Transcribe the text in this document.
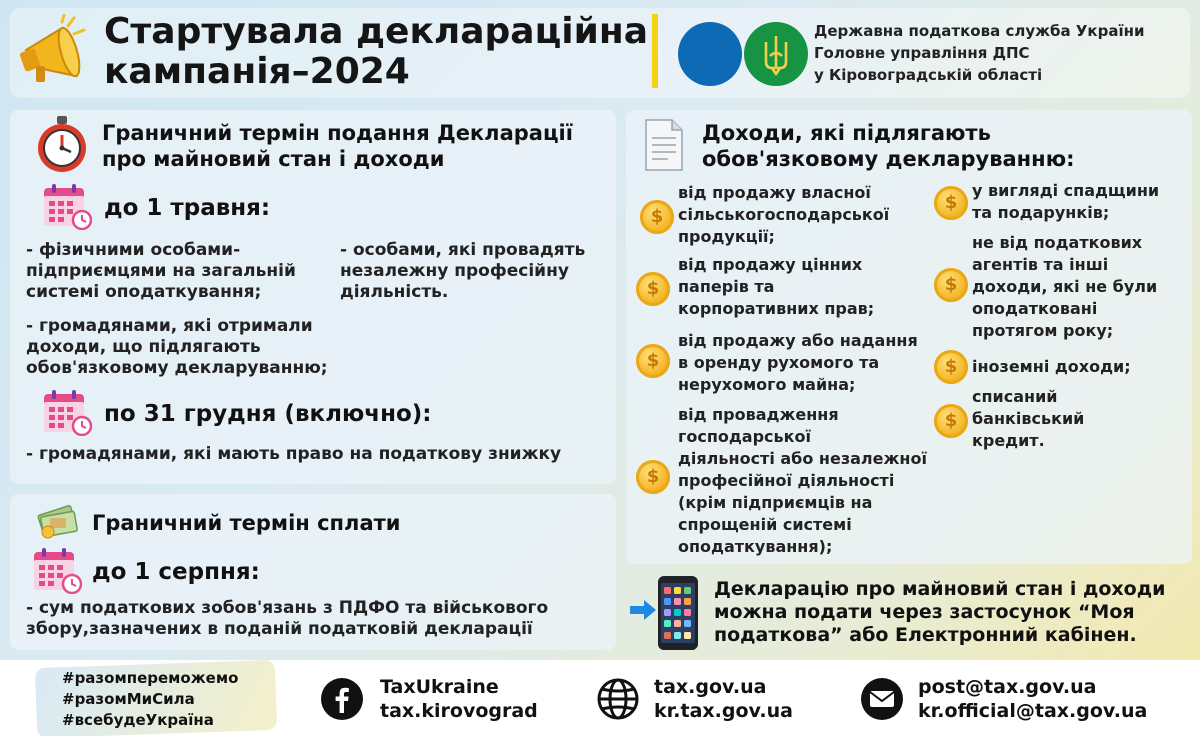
Стартувала деклараційна
кампанія–2024
Державна податкова служба України
Головне управління ДПС
у Кіровоградській області
Граничний термін подання Декларації
про майновий стан і доходи
до 1 травня:
- фізичними особами-
підприємцями на загальній
системі оподаткування;
- особами, які провадять
незалежну професійну
діяльність.
- громадянами, які отримали
доходи, що підлягають
обов'язковому декларуванню;
по 31 грудня (включно):
- громадянами, які мають право на податкову знижку
Граничний термін сплати
до 1 серпня:
- сум податкових зобов'язань з ПДФО та військового
збору,зазначених в поданій податковій декларації
Доходи, які підлягають
обов'язковому декларуванню:
$
від продажу власної
сільськогосподарської
продукції;
$
від продажу цінних
паперів та
корпоративних прав;
$
від продажу або надання
в оренду рухомого та
нерухомого майна;
$
від провадження
господарської
діяльності або незалежної
професійної діяльності
(крім підприємців на
спрощеній системі
оподаткування);
$
у вигляді спадщини
та подарунків;
$
не від податкових
агентів та інші
доходи, які не були
оподатковані
протягом року;
$ іноземні доходи;
$
списаний
банківський
кредит.
Декларацію про майновий стан і доходи
можна подати через застосунок “Моя
податкова” або Електронний кабінен.
#разомпереможемо
#разомМиСила
#всебудеУкраїна
TaxUkraine
tax.kirovograd
tax.gov.ua
kr.tax.gov.ua
post@tax.gov.ua
kr.official@tax.gov.ua
